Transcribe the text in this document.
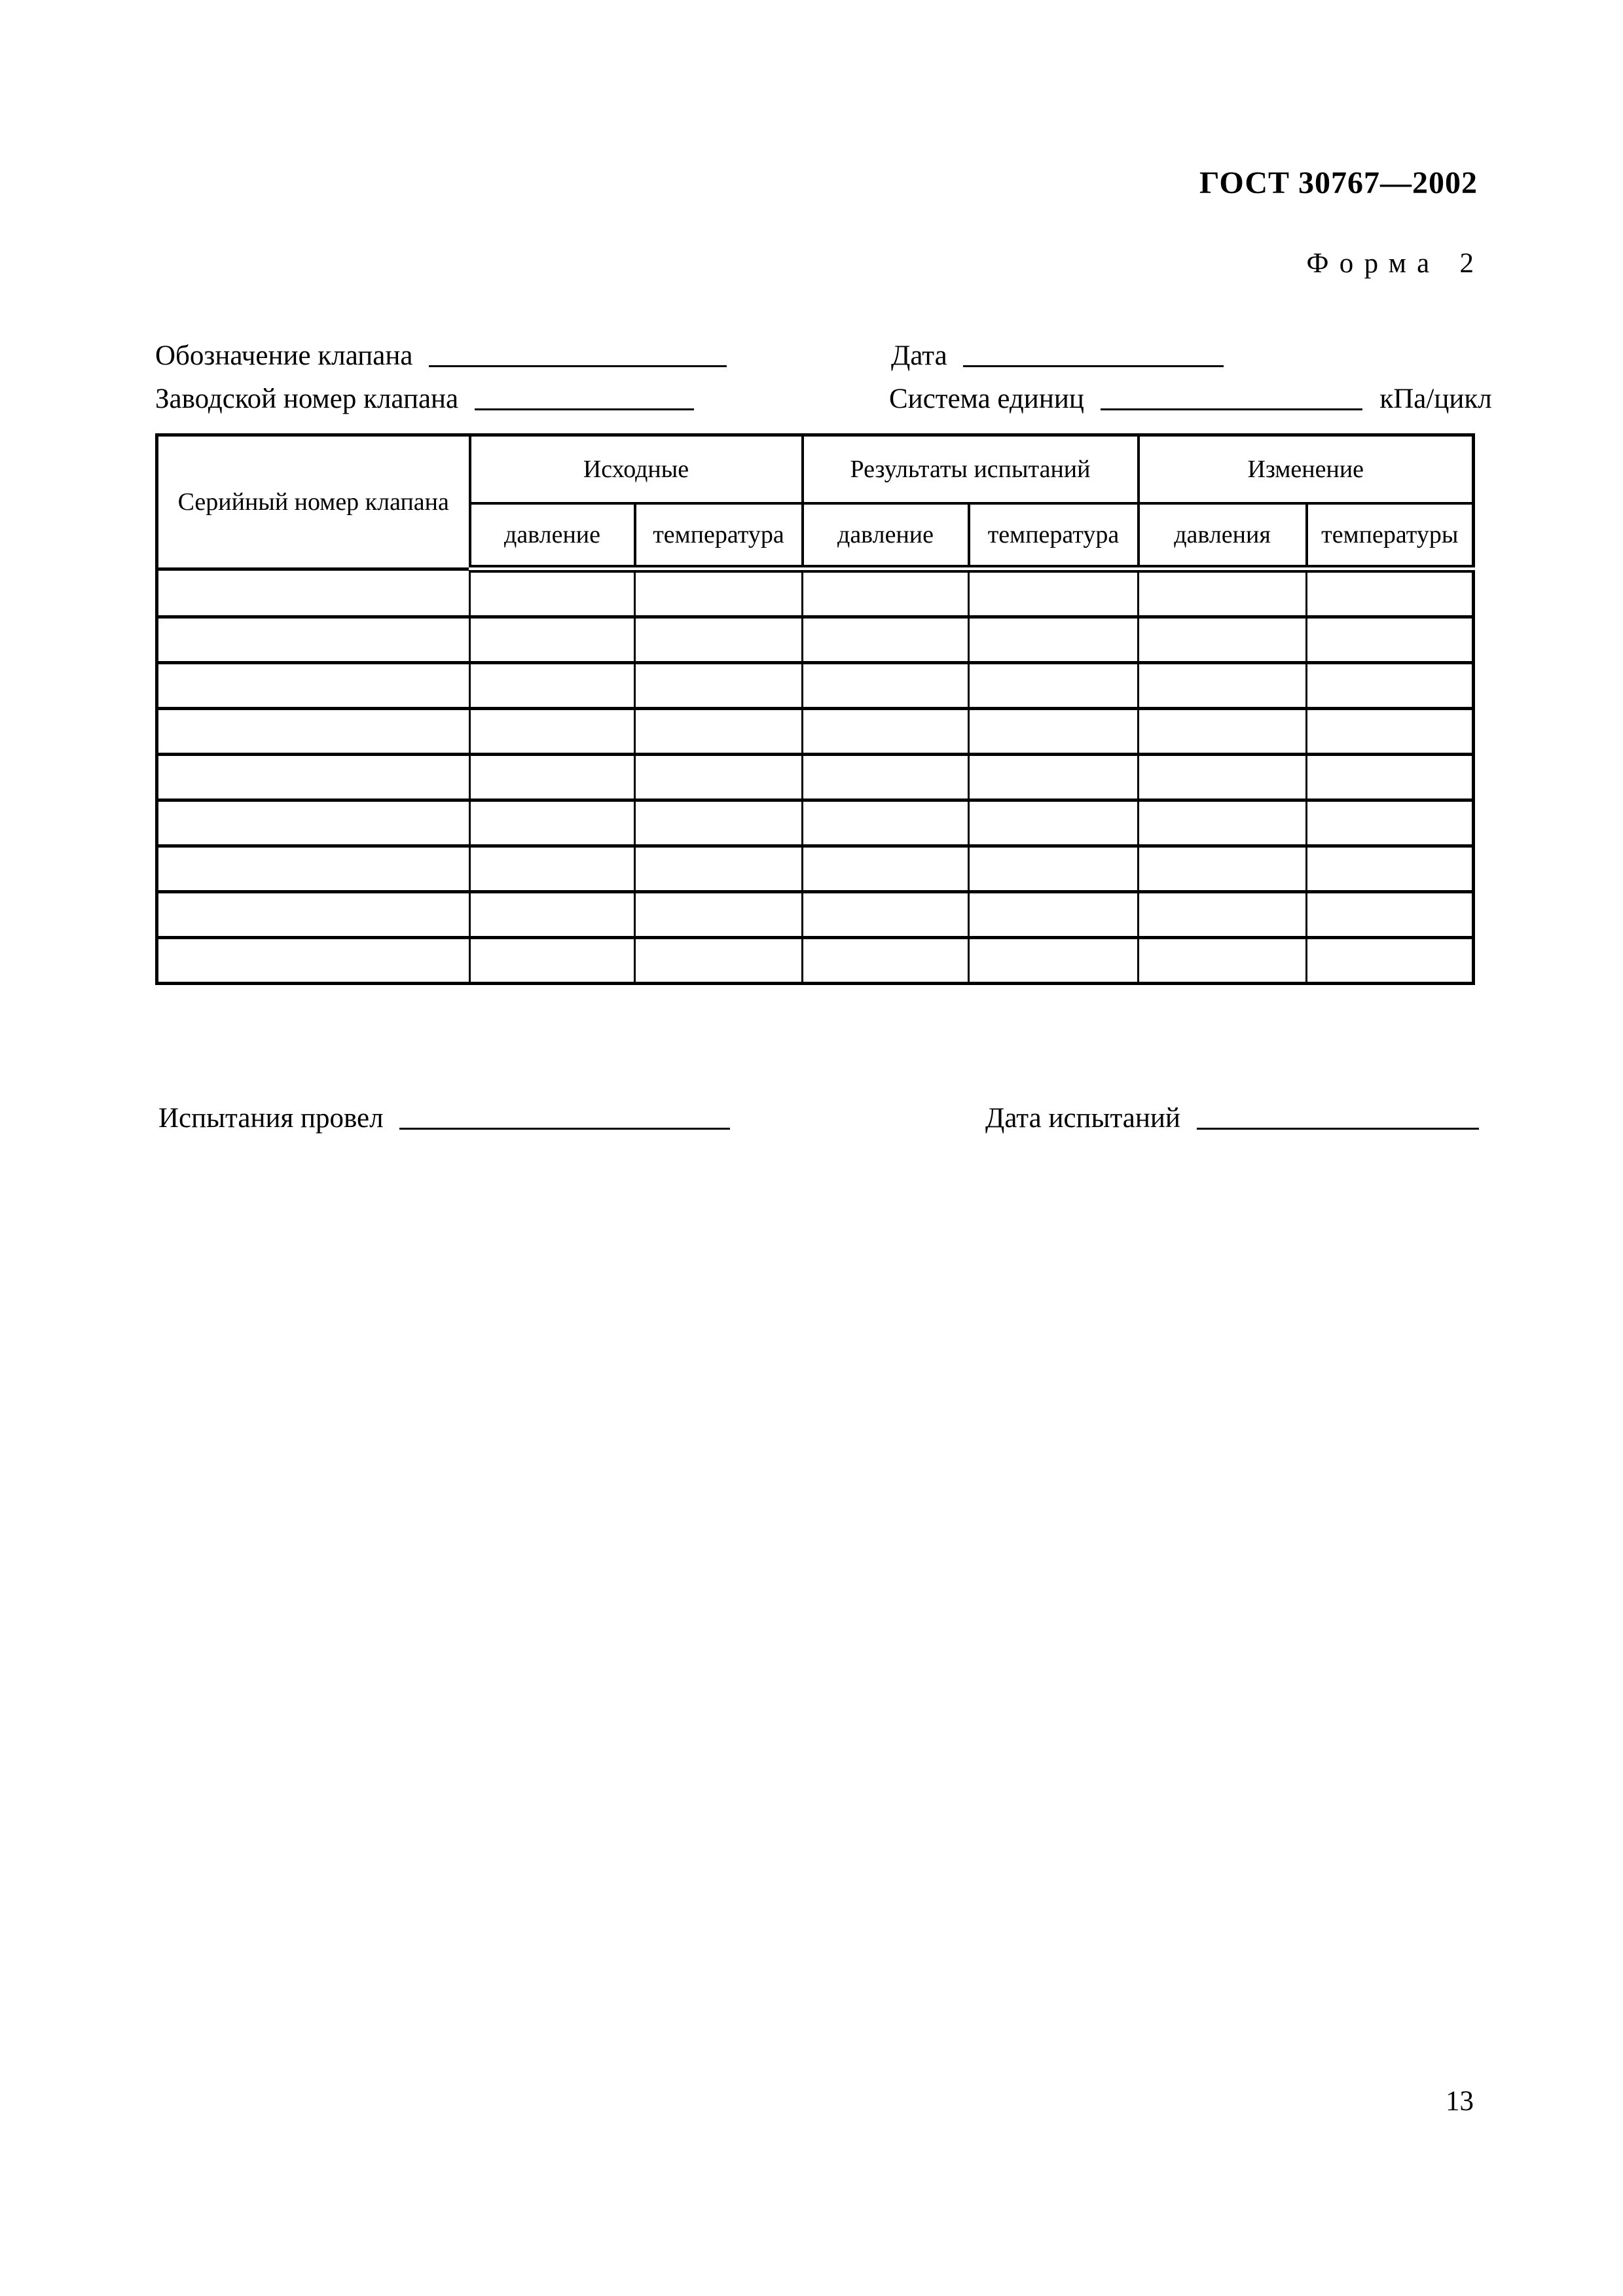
ГОСТ 30767—2002
Форма 2
Обозначение клапана	Дата
Заводской номер клапана	Система единиц	кПа/цикл
Серийный номер клапана	Исходные		Результаты испытаний		Изменение	
	давление	температура	давление	температура	давления	температуры

Испытания провел	Дата испытаний
13
